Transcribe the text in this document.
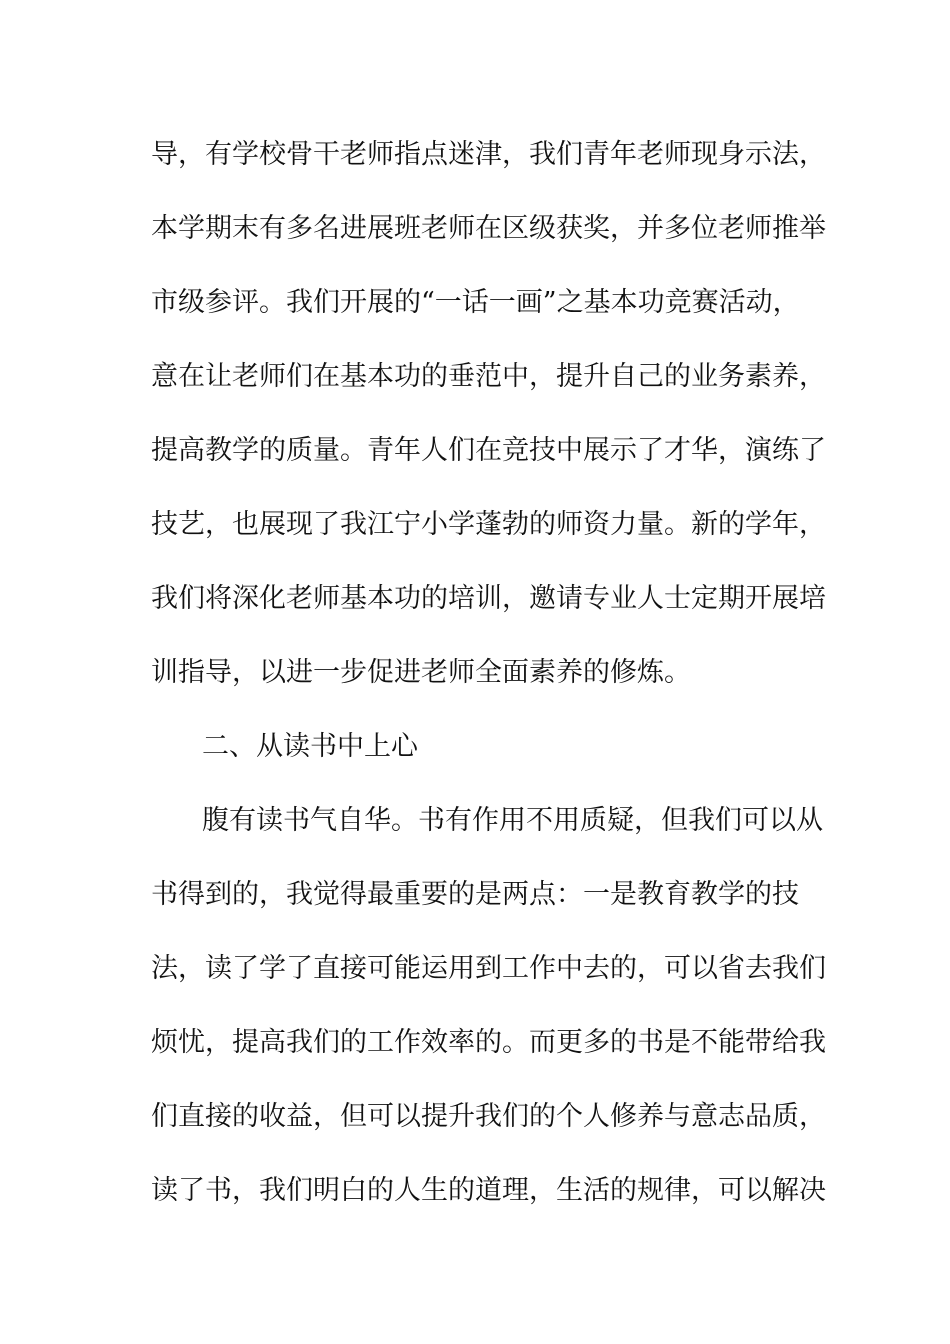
导，有学校骨干老师指点迷津，我们青年老师现身示法，
本学期末有多名进展班老师在区级获奖，并多位老师推举
市级参评。我们开展的“一话一画”之基本功竞赛活动，
意在让老师们在基本功的垂范中，提升自己的业务素养，
提高教学的质量。青年人们在竞技中展示了才华，演练了
技艺，也展现了我江宁小学蓬勃的师资力量。新的学年，
我们将深化老师基本功的培训，邀请专业人士定期开展培
训指导，以进一步促进老师全面素养的修炼。
二、从读书中上心
腹有读书气自华。书有作用不用质疑，但我们可以从
书得到的，我觉得最重要的是两点：一是教育教学的技
法，读了学了直接可能运用到工作中去的，可以省去我们
烦忧，提高我们的工作效率的。而更多的书是不能带给我
们直接的收益，但可以提升我们的个人修养与意志品质，
读了书，我们明白的人生的道理，生活的规律，可以解决
